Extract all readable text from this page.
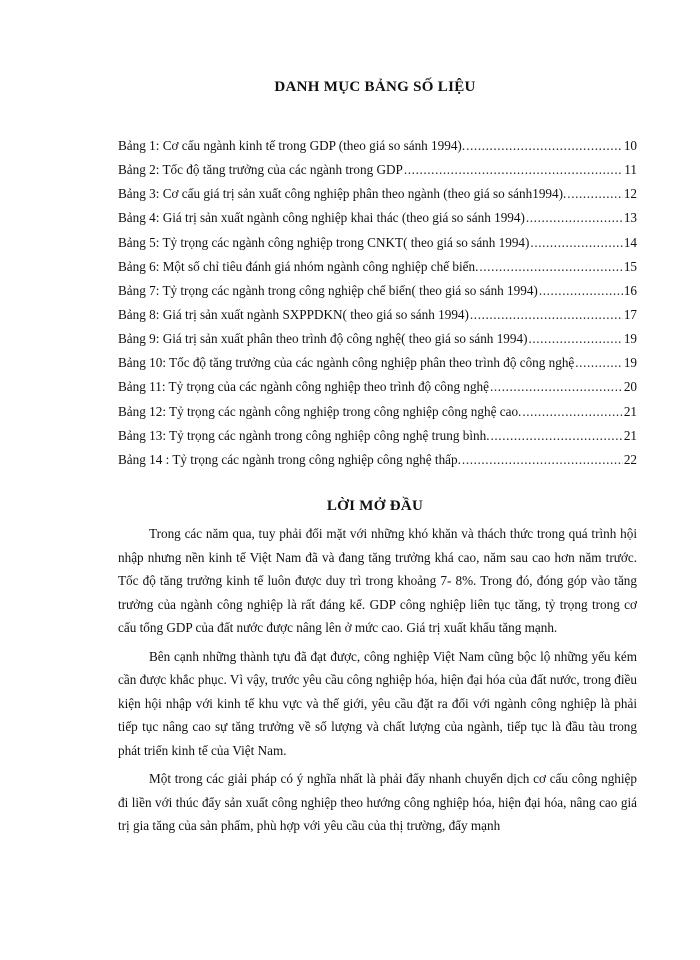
DANH MỤC BẢNG SỐ LIỆU
Bảng 1: Cơ cấu ngành kinh tế trong GDP (theo giá so sánh 1994). .....	10
Bảng 2: Tốc độ tăng trưởng của các ngành trong GDP .....	11
Bảng 3: Cơ cấu giá trị sản xuất công nghiệp phân theo ngành (theo giá so sánh1994). .....	12
Bảng 4: Giá trị sản xuất ngành công nghiệp khai thác (theo giá so sánh 1994) .....	13
Bảng 5: Tỷ trọng các ngành công nghiệp trong CNKT( theo giá so sánh 1994) .....	14
Bảng 6: Một số chỉ tiêu đánh giá nhóm ngành công nghiệp chế biến. .....	15
Bảng 7: Tỷ trọng các ngành trong công nghiệp chế biến( theo giá so sánh 1994) .....	16
Bảng 8: Giá trị sản xuất ngành SXPPDKN( theo giá so sánh 1994) .....	17
Bảng 9: Giá trị sản xuất phân theo trình độ công nghệ( theo giá so sánh 1994) .....	19
Bảng 10: Tốc độ tăng trưởng của các ngành công nghiệp phân theo trình độ công nghệ .....	19
Bảng 11: Tỷ trọng của các ngành công nghiệp theo trình độ công nghệ .....	20
Bảng 12: Tỷ trọng các ngành công nghiệp trong công nghiệp công nghệ cao. .....	21
Bảng 13: Tỷ trọng các ngành trong công nghiệp công nghệ trung bình. .....	21
Bảng 14 : Tỷ trọng các ngành trong công nghiệp công nghệ thấp. .....	22
LỜI MỞ ĐẦU

Trong các năm qua, tuy phải đối mặt với những khó khăn và thách thức trong quá trình hội nhập nhưng nền kinh tế Việt Nam đã và đang tăng trưởng khá cao, năm sau cao hơn năm trước. Tốc độ tăng trưởng kinh tế luôn được duy trì trong khoảng 7- 8%. Trong đó, đóng góp vào tăng trưởng của ngành công nghiệp là rất đáng kể. GDP công nghiệp liên tục tăng, tỷ trọng trong cơ cấu tổng GDP của đất nước được nâng lên ở mức cao. Giá trị xuất khẩu tăng mạnh.

Bên cạnh những thành tựu đã đạt được, công nghiệp Việt Nam cũng bộc lộ những yếu kém cần được khắc phục. Vì vậy, trước yêu cầu công nghiệp hóa, hiện đại hóa của đất nước, trong điều kiện hội nhập với kinh tế khu vực và thế giới, yêu cầu đặt ra đối với ngành công nghiệp là phải tiếp tục nâng cao sự tăng trưởng về số lượng và chất lượng của ngành, tiếp tục là đầu tàu trong phát triển kinh tế của Việt Nam.

Một trong các giải pháp có ý nghĩa nhất là phải đẩy nhanh chuyển dịch cơ cấu công nghiệp đi liền với thúc đẩy sản xuất công nghiệp theo hướng công nghiệp hóa, hiện đại hóa, nâng cao giá trị gia tăng của sản phẩm, phù hợp với yêu cầu của thị trường, đẩy mạnh
